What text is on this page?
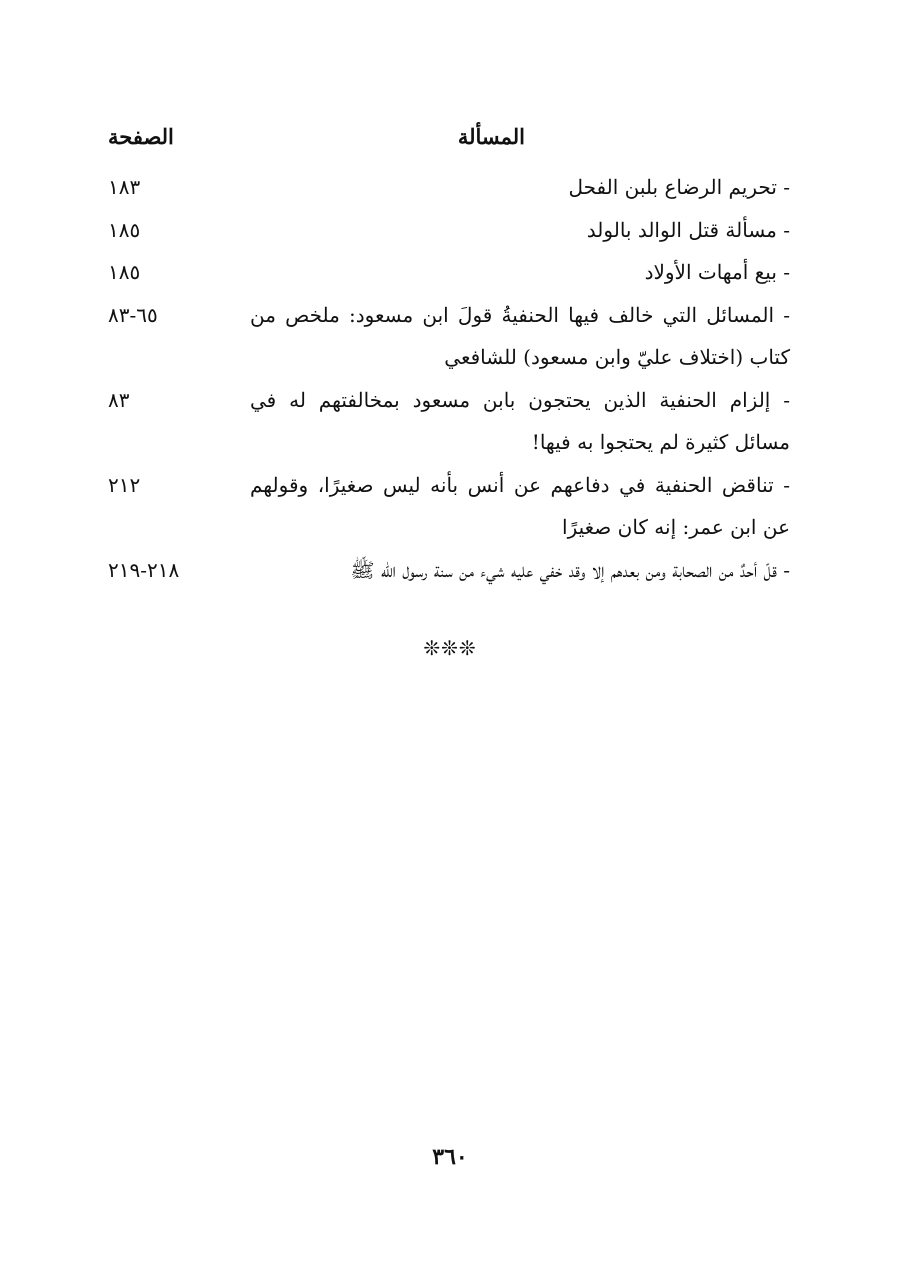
الصفحة	المسألة
- تحريم الرضاع بلبن الفحل
١٨٣
- مسألة قتل الوالد بالولد
١٨٥
- بيع أمهات الأولاد
١٨٥
- المسائل التي خالف فيها الحنفيةُ قولَ ابن مسعود: ملخص من كتاب (اختلاف عليّ وابن مسعود) للشافعي
٦٥-٨٣
- إلزام الحنفية الذين يحتجون بابن مسعود بمخالفتهم له في مسائل كثيرة لم يحتجوا به فيها!
٨٣
- تناقض الحنفية في دفاعهم عن أنس بأنه ليس صغيرًا، وقولهم عن ابن عمر: إنه كان صغيرًا
٢١٢
- قلّ أحدٌ من الصحابة ومن بعدهم إلا وقد خفي عليه شيء من سنة رسول الله ﷺ
٢١٨-٢١٩
❊❊❊
٣٦٠
